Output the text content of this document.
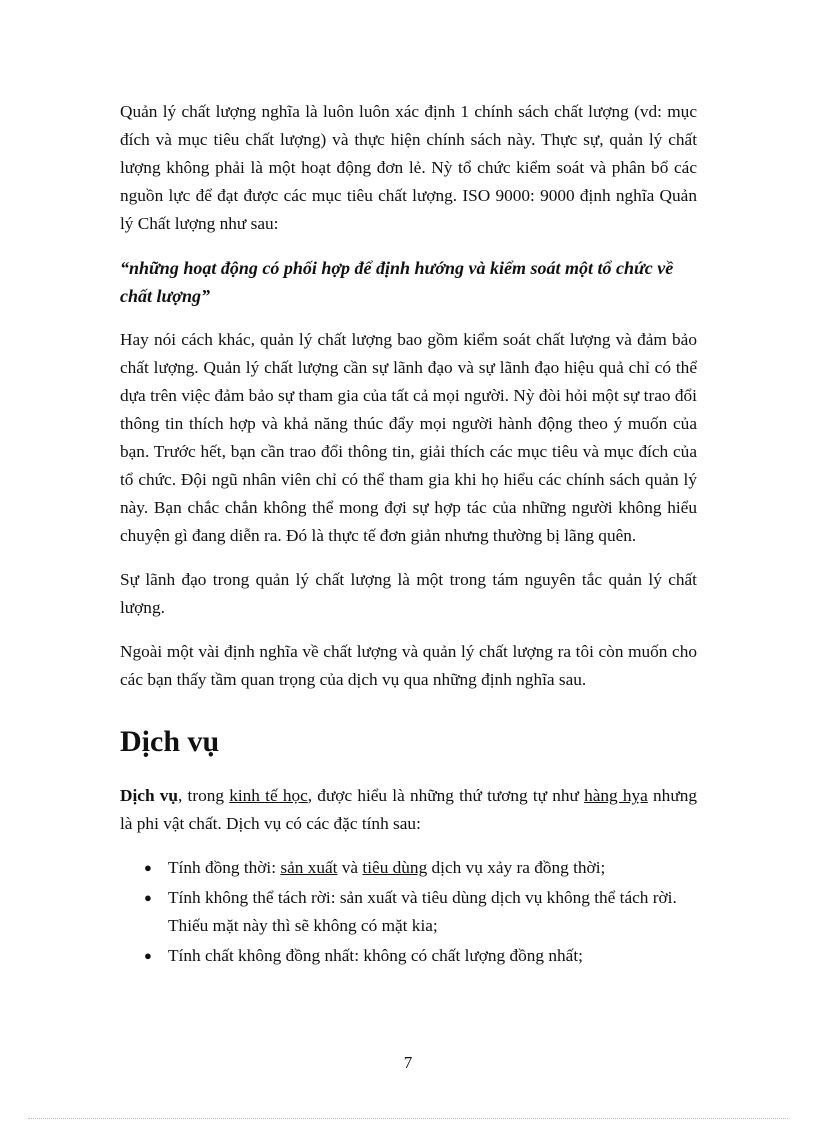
Quản lý chất lượng nghĩa là luôn luôn xác định 1 chính sách chất lượng (vd: mục đích và mục tiêu chất lượng) và thực hiện chính sách này. Thực sự, quản lý chất lượng không phải là một hoạt động đơn lẻ. Nỳ tổ chức kiểm soát và phân bổ các nguồn lực để đạt được các mục tiêu chất lượng. ISO 9000: 9000 định nghĩa Quản lý Chất lượng như sau:

“những hoạt động có phối hợp để định hướng và kiểm soát một tổ chức về chất lượng”

Hay nói cách khác, quản lý chất lượng bao gồm kiểm soát chất lượng và đảm bảo chất lượng. Quản lý chất lượng cần sự lãnh đạo và sự lãnh đạo hiệu quả chỉ có thể dựa trên việc đảm bảo sự tham gia của tất cả mọi người. Nỳ đòi hỏi một sự trao đổi thông tin thích hợp và khả năng thúc đẩy mọi người hành động theo ý muốn của bạn. Trước hết, bạn cần trao đổi thông tin, giải thích các mục tiêu và mục đích của tổ chức. Đội ngũ nhân viên chỉ có thể tham gia khi họ hiểu các chính sách quản lý này. Bạn chắc chắn không thể mong đợi sự hợp tác của những người không hiểu chuyện gì đang diễn ra. Đó là thực tế đơn giản nhưng thường bị lãng quên.

Sự lãnh đạo trong quản lý chất lượng là một trong tám nguyên tắc quản lý chất lượng.

Ngoài một vài định nghĩa về chất lượng và quản lý chất lượng ra tôi còn muốn cho các bạn thấy tầm quan trọng của dịch vụ qua những định nghĩa sau.

Dịch vụ

Dịch vụ, trong kinh tế học, được hiểu là những thứ tương tự như hàng hỵa nhưng là phi vật chất. Dịch vụ có các đặc tính sau:

● Tính đồng thời: sản xuất và tiêu dùng dịch vụ xảy ra đồng thời;
● Tính không thể tách rời: sản xuất và tiêu dùng dịch vụ không thể tách rời. Thiếu mặt này thì sẽ không có mặt kia;
● Tính chất không đồng nhất: không có chất lượng đồng nhất;
7
